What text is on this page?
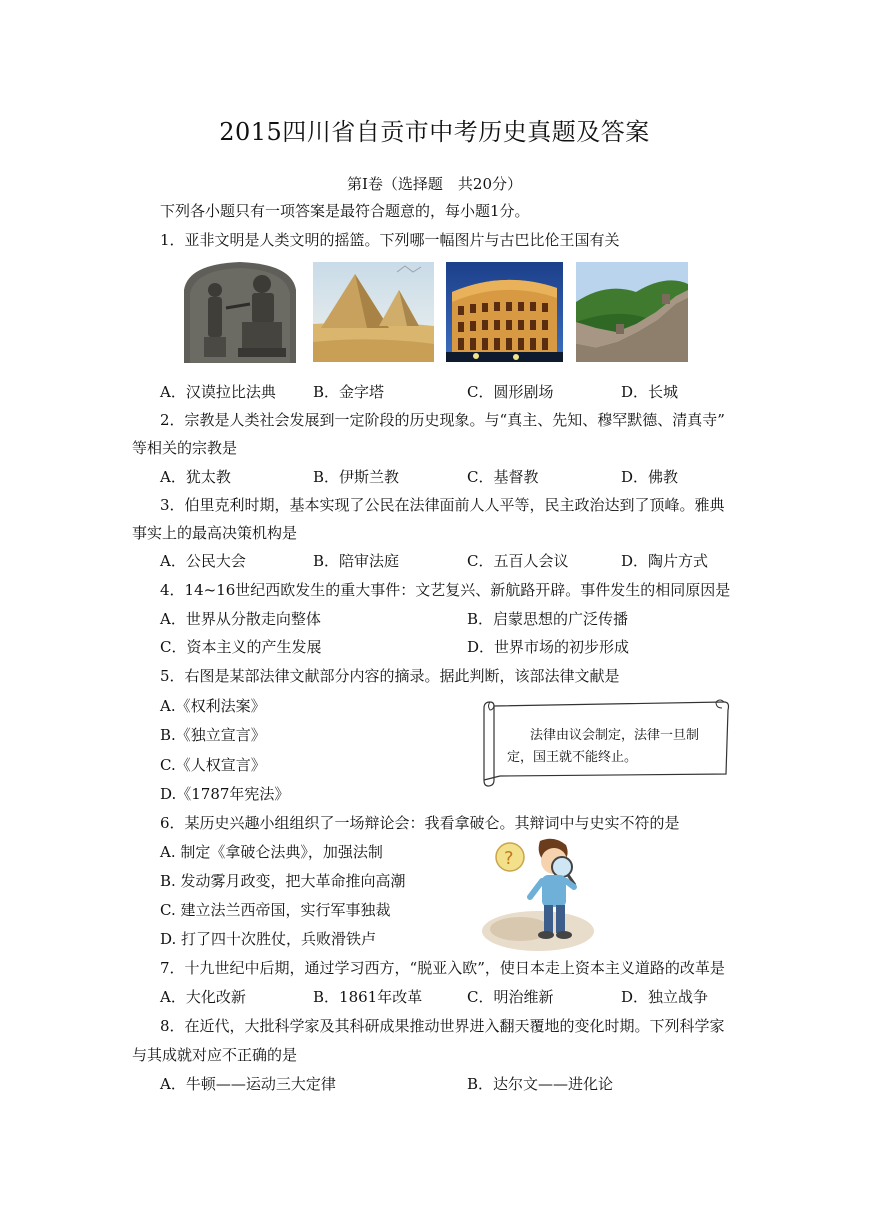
2015四川省自贡市中考历史真题及答案
第Ⅰ卷（选择题　共20分）
下列各小题只有一项答案是最符合题意的，每小题1分。
1．亚非文明是人类文明的摇篮。下列哪一幅图片与古巴比伦王国有关
A．汉谟拉比法典 B．金字塔	C．圆形剧场	D．长城
2．宗教是人类社会发展到一定阶段的历史现象。与“真主、先知、穆罕默德、清真寺”
等相关的宗教是
A．犹太教	B．伊斯兰教	C．基督教	D．佛教
3．伯里克利时期，基本实现了公民在法律面前人人平等，民主政治达到了顶峰。雅典
事实上的最高决策机构是
A．公民大会	B．陪审法庭	C．五百人会议	D．陶片方式
4．14~16世纪西欧发生的重大事件：文艺复兴、新航路开辟。事件发生的相同原因是
A．世界从分散走向整体	B．启蒙思想的广泛传播
C．资本主义的产生发展	D．世界市场的初步形成
5．右图是某部法律文献部分内容的摘录。据此判断，该部法律文献是
A.《权利法案》
B.《独立宣言》
C.《人权宣言》
D.《1787年宪法》
法律由议会制定，法律一旦制
定，国王就不能终止。
6．某历史兴趣小组组织了一场辩论会：我看拿破仑。其辩词中与史实不符的是
A. 制定《拿破仑法典》，加强法制
B. 发动雾月政变，把大革命推向高潮
C. 建立法兰西帝国，实行军事独裁
D. 打了四十次胜仗，兵败滑铁卢
?
7．十九世纪中后期，通过学习西方，“脱亚入欧”，使日本走上资本主义道路的改革是
A．大化改新	B．1861年改革	C．明治维新	D．独立战争
8．在近代，大批科学家及其科研成果推动世界进入翻天覆地的变化时期。下列科学家
与其成就对应不正确的是
A．牛顿——运动三大定律	B．达尔文——进化论
